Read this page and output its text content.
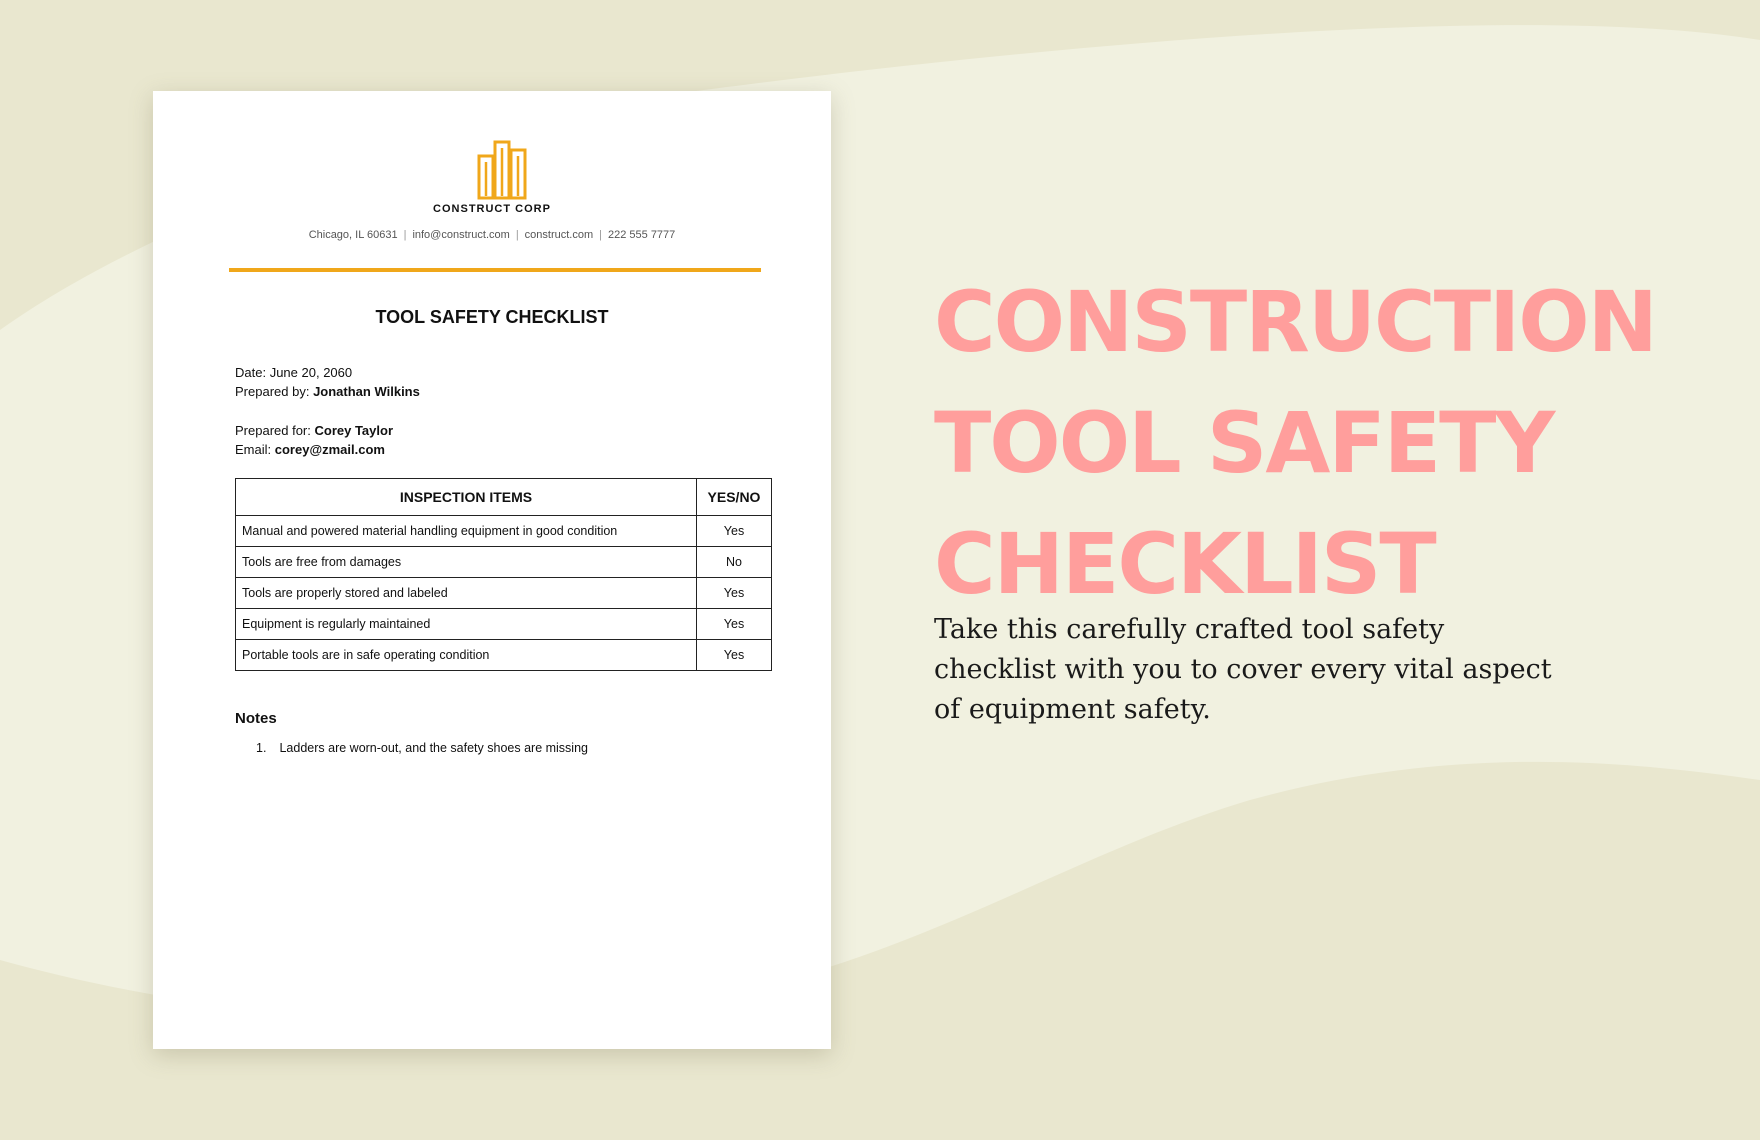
CONSTRUCT CORP
Chicago, IL 60631 | info@construct.com | construct.com | 222 555 7777
TOOL SAFETY CHECKLIST
Date: June 20, 2060
Prepared by: Jonathan Wilkins
Prepared for: Corey Taylor
Email: corey@zmail.com
INSPECTION ITEMS	YES/NO
Manual and powered material handling equipment in good condition	Yes
Tools are free from damages	No
Tools are properly stored and labeled	Yes
Equipment is regularly maintained	Yes
Portable tools are in safe operating condition	Yes
Notes
1. Ladders are worn-out, and the safety shoes are missing
CONSTRUCTION
TOOL SAFETY
CHECKLIST
Take this carefully crafted tool safety checklist with you to cover every vital aspect of equipment safety.
